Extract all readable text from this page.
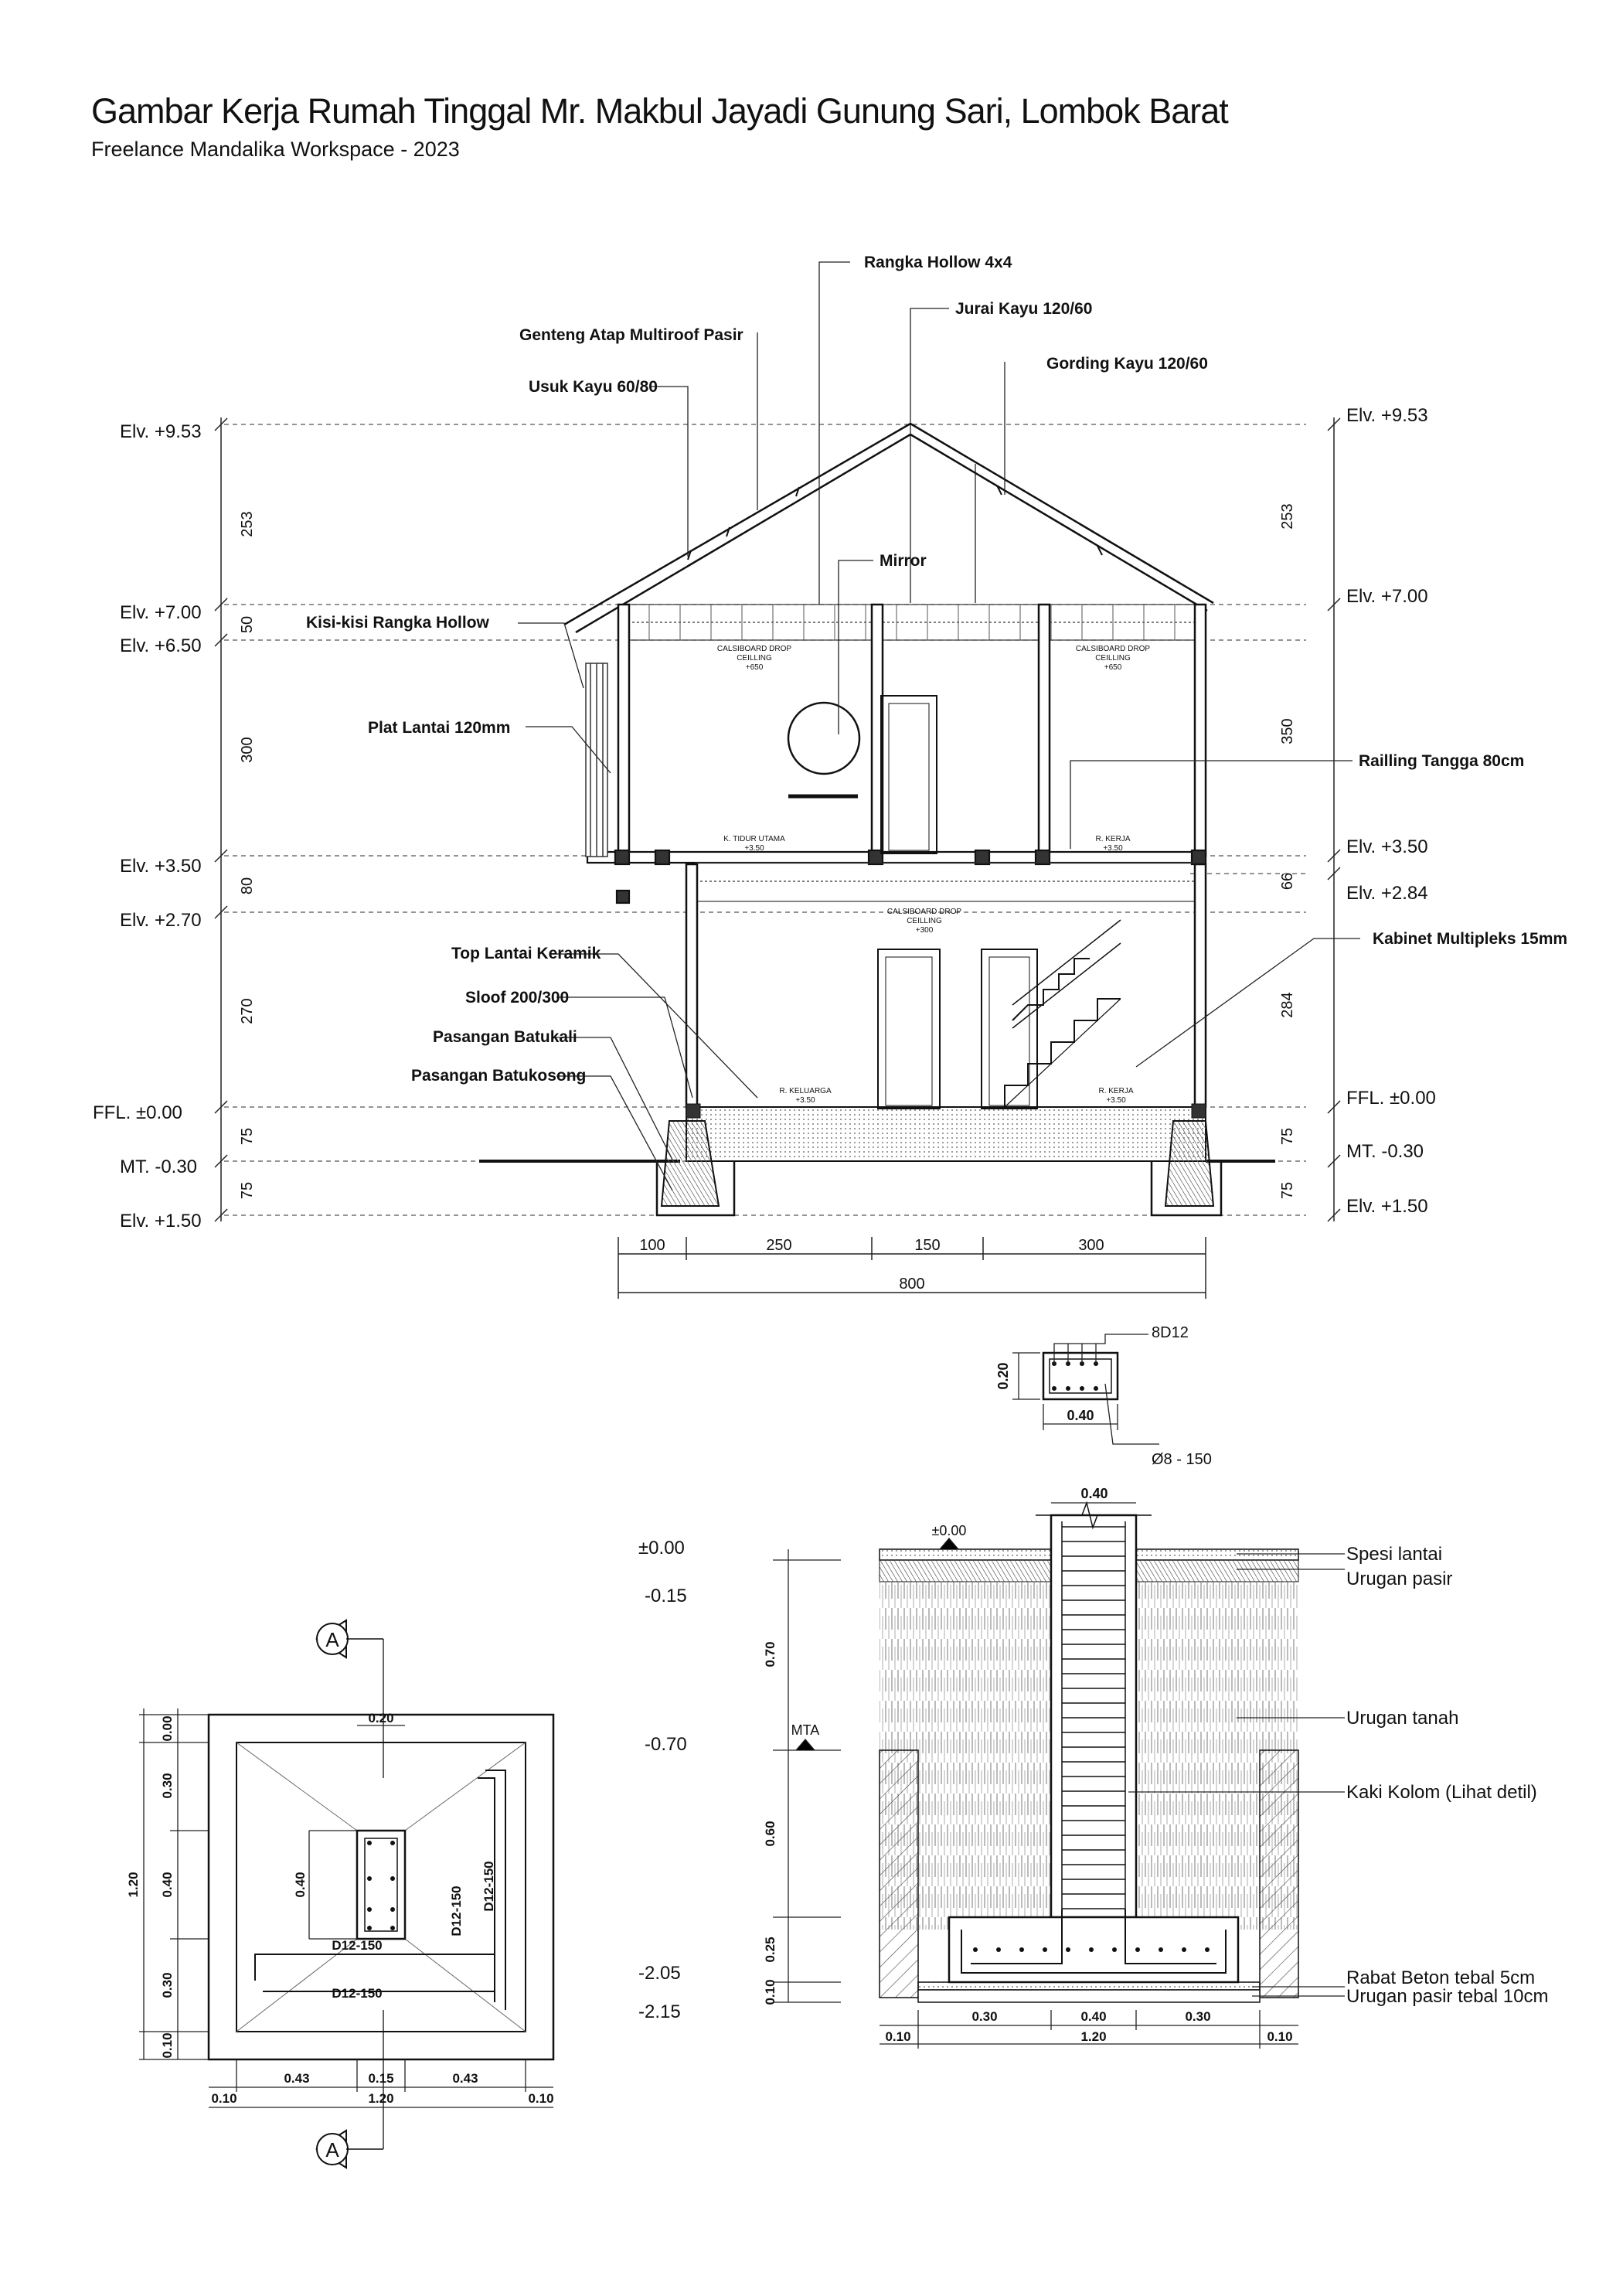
Gambar Kerja Rumah Tinggal Mr. Makbul Jayadi Gunung Sari, Lombok Barat
Freelance Mandalika Workspace - 2023
Elv. +9.53
Elv. +7.00
Elv. +6.50
Elv. +3.50
Elv. +2.70
FFL. ±0.00
MT. -0.30
Elv. +1.50
Elv. +9.53
Elv. +7.00
Elv. +3.50
Elv. +2.84
FFL. ±0.00
MT. -0.30
Elv. +1.50
253
50
300
80
270
75
75
253
350
66
284
75
75
100	250	150	300
800
Rangka Hollow 4x4
Jurai Kayu 120/60
Genteng Atap Multiroof Pasir
Gording Kayu 120/60
Usuk Kayu 60/80
Mirror
Kisi-kisi Rangka Hollow
Plat Lantai 120mm
Railling Tangga 80cm
Top Lantai Keramik
Kabinet Multipleks 15mm
Sloof 200/300
Pasangan Batukali
Pasangan Batukosong
CALSIBOARD DROP
CEILLING
+650
CALSIBOARD DROP
CEILLING
+650
CALSIBOARD DROP
CEILLING
+300
K. TIDUR UTAMA
+3.50
R. KERJA
+3.50
R. KELUARGA
+3.50
R. KERJA
+3.50
8D12
0.20
0.40
Ø8 - 150
A
A
0.00
0.30
0.40
0.30
0.10
1.20
0.20
0.40
D12-150
D12-150 D12-150
D12-150
0.43	0.15	0.43
0.10	1.20	0.10
±0.00
-0.15
-0.70
-2.05
-2.15
±0.00
MTA
0.40
0.70
0.60
0.25
0.10
0.30	0.40	0.30
0.10	1.20	0.10
Spesi lantai
Urugan pasir
Urugan tanah
Kaki Kolom (Lihat detil)
Rabat Beton tebal 5cm
Urugan pasir tebal 10cm
